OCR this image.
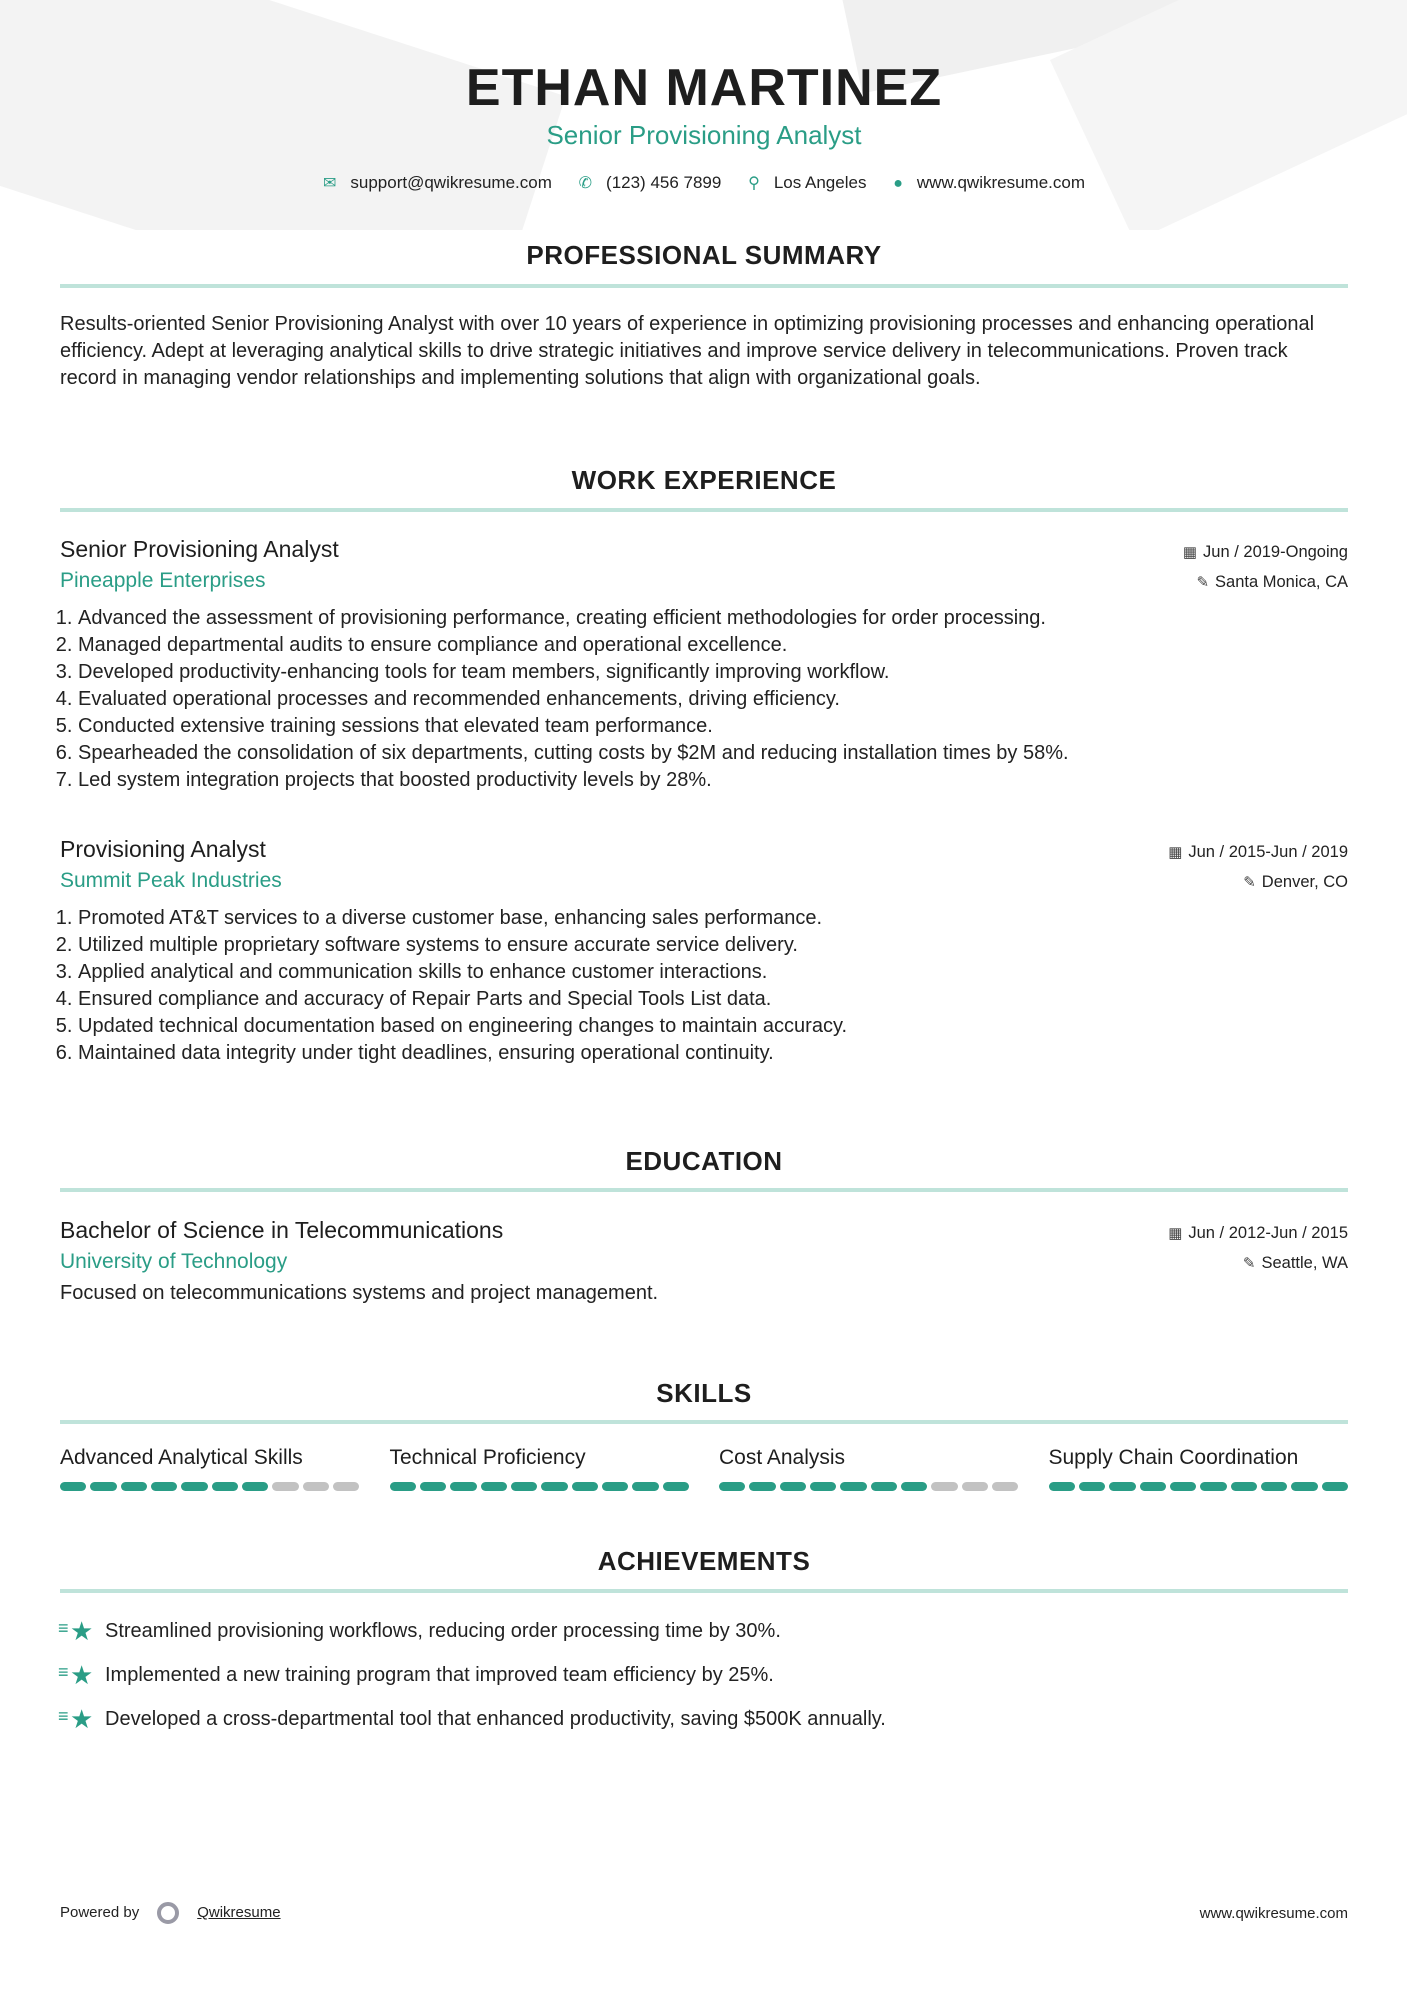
ETHAN MARTINEZ
Senior Provisioning Analyst
✉ support@qwikresume.com ✆ (123) 456 7899 ⚲ Los Angeles ● www.qwikresume.com
PROFESSIONAL SUMMARY
Results-oriented Senior Provisioning Analyst with over 10 years of experience in optimizing provisioning processes and enhancing operational efficiency. Adept at leveraging analytical skills to drive strategic initiatives and improve service delivery in telecommunications. Proven track record in managing vendor relationships and implementing solutions that align with organizational goals.
WORK EXPERIENCE
Senior Provisioning Analyst	▦ Jun / 2019-Ongoing
Pineapple Enterprises	✎ Santa Monica, CA
1. Advanced the assessment of provisioning performance, creating efficient methodologies for order processing.
2. Managed departmental audits to ensure compliance and operational excellence.
3. Developed productivity-enhancing tools for team members, significantly improving workflow.
4. Evaluated operational processes and recommended enhancements, driving efficiency.
5. Conducted extensive training sessions that elevated team performance.
6. Spearheaded the consolidation of six departments, cutting costs by $2M and reducing installation times by 58%.
7. Led system integration projects that boosted productivity levels by 28%.
Provisioning Analyst	▦ Jun / 2015-Jun / 2019
Summit Peak Industries	✎ Denver, CO
1. Promoted AT&T services to a diverse customer base, enhancing sales performance.
2. Utilized multiple proprietary software systems to ensure accurate service delivery.
3. Applied analytical and communication skills to enhance customer interactions.
4. Ensured compliance and accuracy of Repair Parts and Special Tools List data.
5. Updated technical documentation based on engineering changes to maintain accuracy.
6. Maintained data integrity under tight deadlines, ensuring operational continuity.
EDUCATION
Bachelor of Science in Telecommunications	▦ Jun / 2012-Jun / 2015
University of Technology	✎ Seattle, WA
Focused on telecommunications systems and project management.
SKILLS
Advanced Analytical Skills	Technical Proficiency	Cost Analysis	Supply Chain Coordination
ACHIEVEMENTS
≡ ★ Streamlined provisioning workflows, reducing order processing time by 30%.
≡ ★ Implemented a new training program that improved team efficiency by 25%.
≡ ★ Developed a cross-departmental tool that enhanced productivity, saving $500K annually.
Powered by	Qwikresume	www.qwikresume.com
